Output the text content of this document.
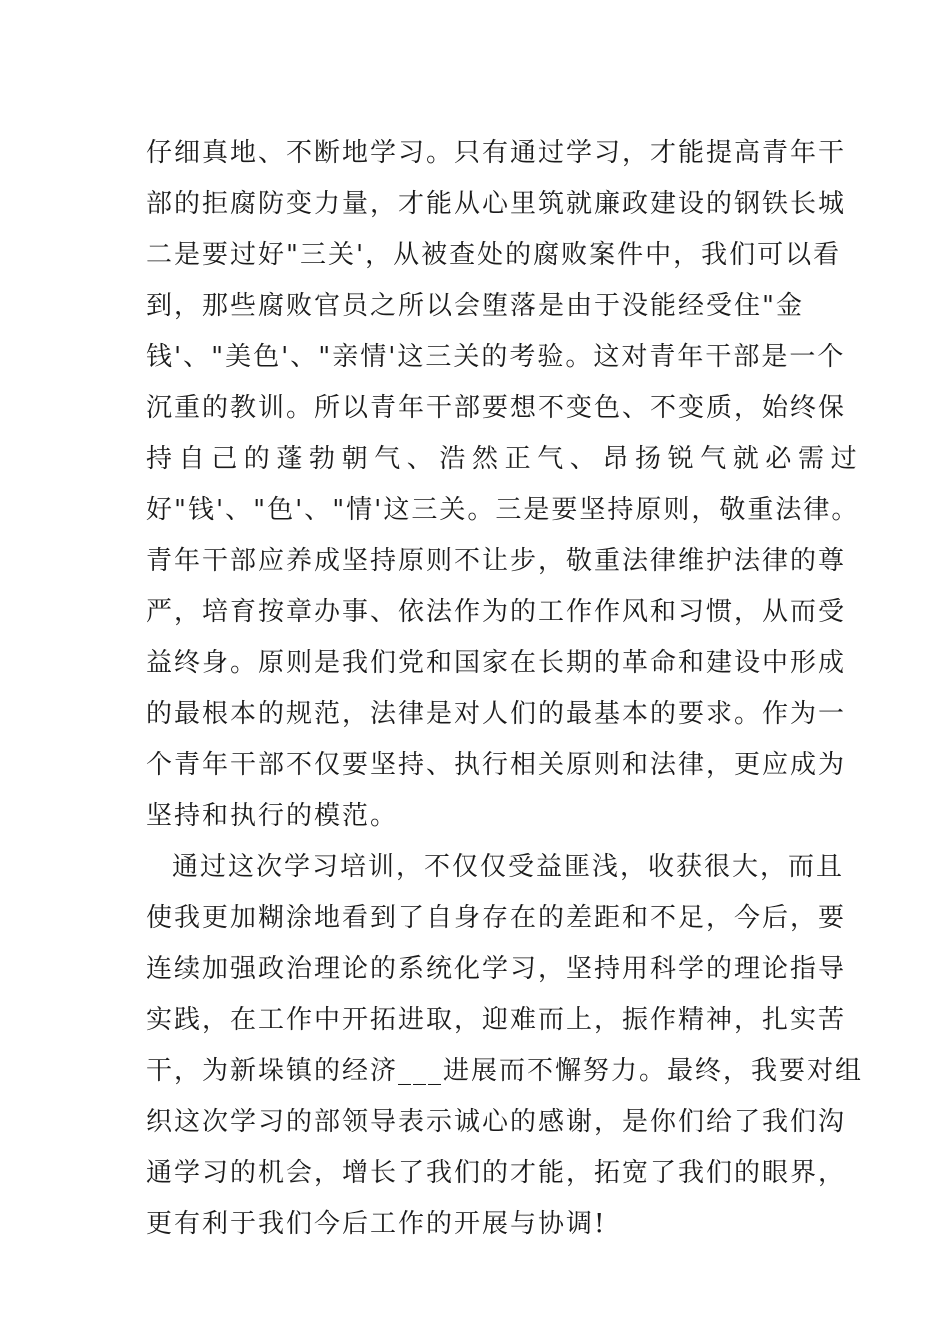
仔细真地、不断地学习。只有通过学习，才能提高青年干
部的拒腐防变力量，才能从心里筑就廉政建设的钢铁长城
二是要过好"三关'，从被查处的腐败案件中，我们可以看
到，那些腐败官员之所以会堕落是由于没能经受住"金
钱'、"美色'、"亲情'这三关的考验。这对青年干部是一个
沉重的教训。所以青年干部要想不变色、不变质，始终保
持自己的蓬勃朝气、浩然正气、昂扬锐气就必需过
好"钱'、"色'、"情'这三关。三是要坚持原则，敬重法律。
青年干部应养成坚持原则不让步，敬重法律维护法律的尊
严，培育按章办事、依法作为的工作作风和习惯，从而受
益终身。原则是我们党和国家在长期的革命和建设中形成
的最根本的规范，法律是对人们的最基本的要求。作为一
个青年干部不仅要坚持、执行相关原则和法律，更应成为
坚持和执行的模范。
通过这次学习培训，不仅仅受益匪浅，收获很大，而且
使我更加糊涂地看到了自身存在的差距和不足，今后，要
连续加强政治理论的系统化学习，坚持用科学的理论指导
实践，在工作中开拓进取，迎难而上，振作精神，扎实苦
干，为新垛镇的经济___进展而不懈努力。最终，我要对组
织这次学习的部领导表示诚心的感谢，是你们给了我们沟
通学习的机会，增长了我们的才能，拓宽了我们的眼界，
更有利于我们今后工作的开展与协调!
